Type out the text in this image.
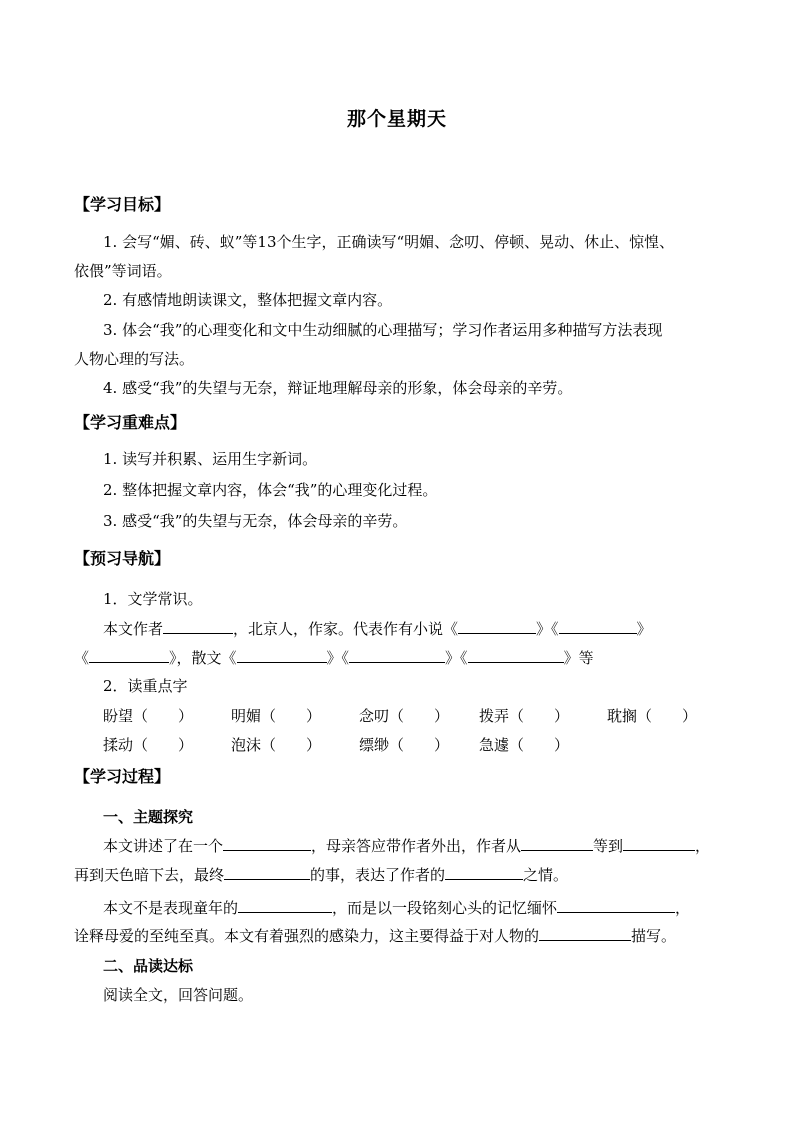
那个星期天
【学习目标】
1. 会写“媚、砖、蚁”等13个生字，正确读写“明媚、念叨、停顿、晃动、休止、惊惶、
依偎”等词语。
2. 有感情地朗读课文，整体把握文章内容。
3. 体会“我”的心理变化和文中生动细腻的心理描写；学习作者运用多种描写方法表现
人物心理的写法。
4. 感受“我”的失望与无奈，辩证地理解母亲的形象，体会母亲的辛劳。
【学习重难点】
1. 读写并积累、运用生字新词。
2. 整体把握文章内容，体会“我”的心理变化过程。
3. 感受“我”的失望与无奈，体会母亲的辛劳。
【预习导航】
1．文学常识。
本文作者	，北京人，作家。代表作有小说《	》《	》
《	》，散文《	》《	》《	》等
2．读重点字
盼望（　　）	明媚（　　）	念叨（　　） 拨弄（　　）	耽搁（　　）
揉动（　　）	泡沫（　　）	缥缈（　　） 急遽（　　）
【学习过程】
一、主题探究
本文讲述了在一个	，母亲答应带作者外出，作者从	等到	，
再到天色暗下去，最终	的事，表达了作者的	之情。
本文不是表现童年的	，而是以一段铭刻心头的记忆缅怀	，
诠释母爱的至纯至真。本文有着强烈的感染力，这主要得益于对人物的	描写。
二、品读达标
阅读全文，回答问题。
